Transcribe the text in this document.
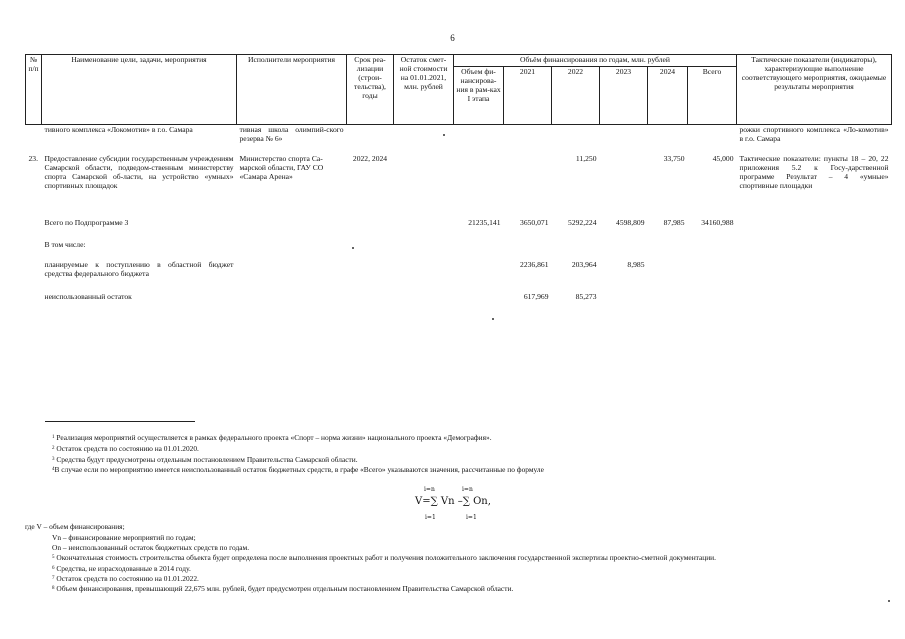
6
№ п/п	Наименование цели, задачи, мероприятия	Исполнители мероприятия	Срок реа-лизации (строи-тельства), годы	Остаток смет-ной стоимости на 01.01.2021, млн. рублей	Объём финансирования по годам, млн. рублей						Тактические показатели (индикаторы), характеризующие выполнение соответствующего мероприятия, ожидаемые результаты мероприятия
					Объем фи-нансирова-ния в рам-ках I этапа	2021	2022	2023	2024	Всего	
	тивного комплекса «Локомотив» в г.о. Самара	тивная школа олимпий-ского резерва № 6»									рожки спортивного комплекса «Ло-комотив» в г.о. Самара
23.	Предоставление субсидии государственным учреждениям Самарской области, подведом-ственным министерству спорта Самарской об-ласти, на устройство «умных» спортивных площадок	Министерство спорта Са-марской области, ГАУ СО «Самара Арена»	2022, 2024				11,250		33,750	45,000	Тактические показатели: пункты 18 – 20, 22 приложения 5.2 к Госу-дарственной программе Результат – 4 «умные» спортивные площадки
	Всего по Подпрограмме 3				21235,141	3650,071	5292,224	4598,809	87,985	34160,988	
	В том числе:										
	планируемые к поступлению в областной бюджет средства федерального бюджета					2236,861	203,964	8,985			
	неиспользованный остаток					617,969	85,273				
$^1$ Реализация мероприятий осуществляется в рамках федерального проекта «Спорт – норма жизни» национального проекта «Демография».
$^2$ Остаток средств по состоянию на 01.01.2020.
$^3$ Средства будут предусмотрены отдельным постановлением Правительства Самарской области.
$^4$В случае если по мероприятию имеется неиспользованный остаток бюджетных средств, в графе «Всего» указываются значения, рассчитанные по формуле
i=n	i=n
V=∑ Vn –∑ On,
i=1	i=1
где V – объем финансирования;
Vn – финансирование мероприятий по годам;
On – неиспользованный остаток бюджетных средств по годам.
$^5$ Окончательная стоимость строительства объекта будет определена после выполнения проектных работ и получения положительного заключения государственной экспертизы проектно-сметной документации.
$^6$ Средства, не израсходованные в 2014 году.
$^7$ Остаток средств по состоянию на 01.01.2022.
$^8$ Объем финансирования, превышающий 22,675 млн. рублей, будет предусмотрен отдельным постановлением Правительства Самарской области.
